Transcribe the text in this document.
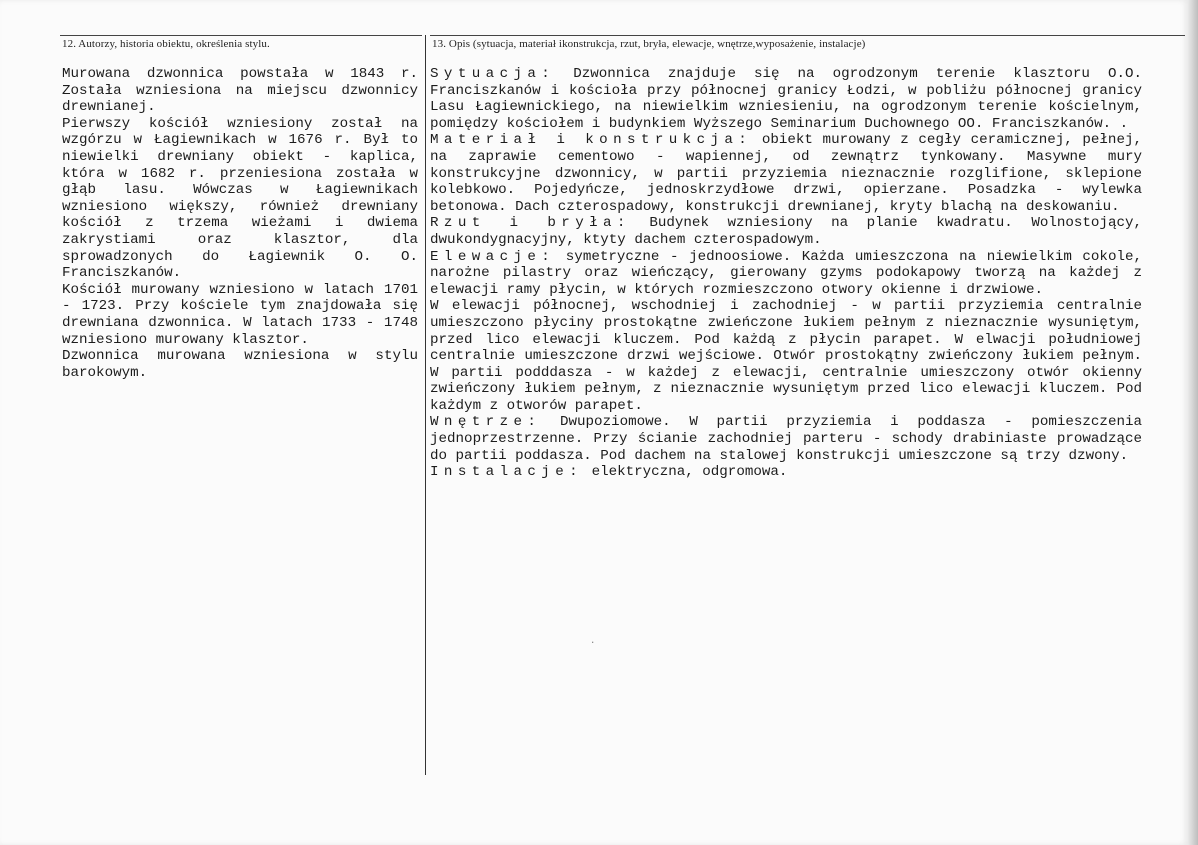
12. Autorzy, historia obiektu, określenia stylu.	13. Opis (sytuacja, materiał ikonstrukcja, rzut, bryła, elewacje, wnętrze,wyposażenie, instalacje)

Murowana dzwonnica powstała w 1843 r. Została wzniesiona na miejscu dzwonnicy drewnianej.

Pierwszy kościół wzniesiony został na wzgórzu w Łagiewnikach w 1676 r. Był to niewielki drewniany obiekt - kaplica, która w 1682 r. przeniesiona została w głąb lasu. Wówczas w Łagiewnikach wzniesiono większy, również drewniany kościół z trzema wieżami i dwiema zakrystiami oraz klasztor, dla sprowadzonych do Łagiewnik O. O. Franciszkanów.

Kościół murowany wzniesiono w latach 1701 - 1723. Przy kościele tym znajdowała się drewniana dzwonnica. W latach 1733 - 1748 wzniesiono murowany klasztor.

Dzwonnica murowana wzniesiona w stylu barokowym.

Sytuacja: Dzwonnica znajduje się na ogrodzonym terenie klasztoru O.O. Franciszkanów i kościoła przy północnej granicy Łodzi, w pobliżu północnej granicy Lasu Łagiewnickiego, na niewielkim wzniesieniu, na ogrodzonym terenie kościelnym, pomiędzy kościołem i budynkiem Wyższego Seminarium Duchownego OO. Franciszkanów. .

Materiał i konstrukcja: obiekt murowany z cegły ceramicznej, pełnej, na zaprawie cementowo - wapiennej, od zewnątrz tynkowany. Masywne mury konstrukcyjne dzwonnicy, w partii przyziemia nieznacznie rozglifione, sklepione kolebkowo. Pojedyńcze, jednoskrzydłowe drzwi, opierzane. Posadzka - wylewka betonowa. Dach czterospadowy, konstrukcji drewnianej, kryty blachą na deskowaniu.

Rzut i bryła: Budynek wzniesiony na planie kwadratu. Wolnostojący, dwukondygnacyjny, ktyty dachem czterospadowym.

Elewacje: symetryczne - jednoosiowe. Każda umieszczona na niewielkim cokole, narożne pilastry oraz wieńczący, gierowany gzyms podokapowy tworzą na każdej z elewacji ramy płycin, w których rozmieszczono otwory okienne i drzwiowe.

W elewacji północnej, wschodniej i zachodniej - w partii przyziemia centralnie umieszczono płyciny prostokątne zwieńczone łukiem pełnym z nieznacznie wysuniętym, przed lico elewacji kluczem. Pod każdą z płycin parapet. W elwacji południowej centralnie umieszczone drzwi wejściowe. Otwór prostokątny zwieńczony łukiem pełnym. W partii podddasza - w każdej z elewacji, centralnie umieszczony otwór okienny zwieńczony łukiem pełnym, z nieznacznie wysuniętym przed lico elewacji kluczem. Pod każdym z otworów parapet.

Wnętrze: Dwupoziomowe. W partii przyziemia i poddasza - pomieszczenia jednoprzestrzenne. Przy ścianie zachodniej parteru - schody drabiniaste prowadzące do partii poddasza. Pod dachem na stalowej konstrukcji umieszczone są trzy dzwony.

Instalacje: elektryczna, odgromowa.

·
